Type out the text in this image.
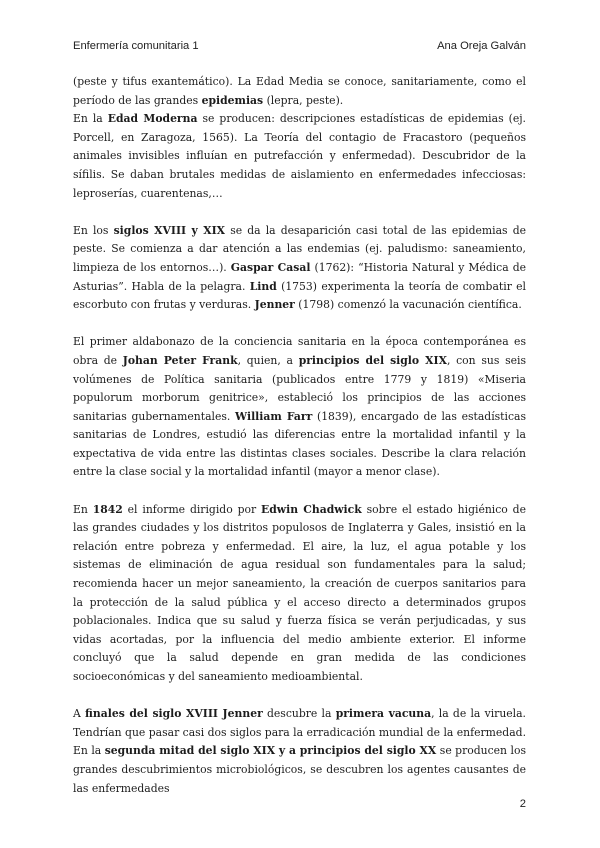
Enfermería comunitaria 1	Ana Oreja Galván

(peste y tifus exantemático). La Edad Media se conoce, sanitariamente, como el período de las grandes epidemias (lepra, peste).

En la Edad Moderna se producen: descripciones estadísticas de epidemias (ej. Porcell, en Zaragoza, 1565). La Teoría del contagio de Fracastoro (pequeños animales invisibles influían en putrefacción y enfermedad). Descubridor de la sífilis. Se daban brutales medidas de aislamiento en enfermedades infecciosas: leproserías, cuarentenas,…

En los siglos XVIII y XIX se da la desaparición casi total de las epidemias de peste. Se comienza a dar atención a las endemias (ej. paludismo: saneamiento, limpieza de los entornos…). Gaspar Casal (1762): “Historia Natural y Médica de Asturias”. Habla de la pelagra. Lind (1753) experimenta la teoría de combatir el escorbuto con frutas y verduras. Jenner (1798) comenzó la vacunación científica.

El primer aldabonazo de la conciencia sanitaria en la época contemporánea es obra de Johan Peter Frank, quien, a principios del siglo XIX, con sus seis volúmenes de Política sanitaria (publicados entre 1779 y 1819) «Miseria populorum morborum genitrice», estableció los principios de las acciones sanitarias gubernamentales. William Farr (1839), encargado de las estadísticas sanitarias de Londres, estudió las diferencias entre la mortalidad infantil y la expectativa de vida entre las distintas clases sociales. Describe la clara relación entre la clase social y la mortalidad infantil (mayor a menor clase).

En 1842 el informe dirigido por Edwin Chadwick sobre el estado higiénico de las grandes ciudades y los distritos populosos de Inglaterra y Gales, insistió en la relación entre pobreza y enfermedad. El aire, la luz, el agua potable y los sistemas de eliminación de agua residual son fundamentales para la salud; recomienda hacer un mejor saneamiento, la creación de cuerpos sanitarios para la protección de la salud pública y el acceso directo a determinados grupos poblacionales. Indica que su salud y fuerza física se verán perjudicadas, y sus vidas acortadas, por la influencia del medio ambiente exterior. El informe concluyó que la salud depende en gran medida de las condiciones socioeconómicas y del saneamiento medioambiental.

A finales del siglo XVIII Jenner descubre la primera vacuna, la de la viruela. Tendrían que pasar casi dos siglos para la erradicación mundial de la enfermedad. En la segunda mitad del siglo XIX y a principios del siglo XX se producen los grandes descubrimientos microbiológicos, se descubren los agentes causantes de las enfermedades

2
